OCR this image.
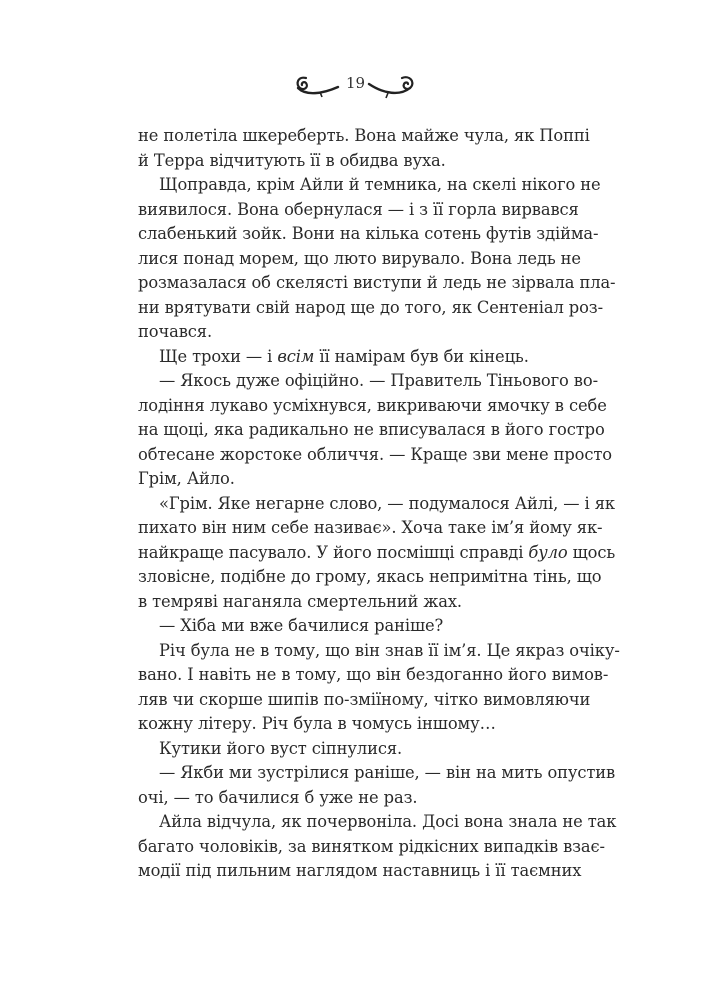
19
не полетіла шкереберть. Вона майже чула, як Поппі
й Терра відчитують її в обидва вуха.
Щоправда, крім Айли й темника, на скелі нікого не
виявилося. Вона обернулася — і з її горла вирвався
слабенький зойк. Вони на кілька сотень футів здійма-
лися понад морем, що люто вирувало. Вона ледь не
розмазалася об скелясті виступи й ледь не зірвала пла-
ни врятувати свій народ ще до того, як Сентеніал роз-
почався.
Ще трохи — і всім її намірам був би кінець.
— Якось дуже офіційно. — Правитель Тіньового во-
лодіння лукаво усміхнувся, викриваючи ямочку в себе
на щоці, яка радикально не вписувалася в його гостро
обтесане жорстоке обличчя. — Краще зви мене просто
Грім, Айло.
«Грім. Яке негарне слово, — подумалося Айлі, — і як
пихато він ним себе називає». Хоча таке ім’я йому як-
найкраще пасувало. У його посмішці справді було щось
зловісне, подібне до грому, якась непримітна тінь, що
в темряві наганяла смертельний жах.
— Хіба ми вже бачилися раніше?
Річ була не в тому, що він знав її ім’я. Це якраз очіку-
вано. І навіть не в тому, що він бездоганно його вимов-
ляв чи скорше шипів по-зміїному, чітко вимовляючи
кожну літеру. Річ була в чомусь іншому…
Кутики його вуст сіпнулися.
— Якби ми зустрілися раніше, — він на мить опустив
очі, — то бачилися б уже не раз.
Айла відчула, як почервоніла. Досі вона знала не так
багато чоловіків, за винятком рідкісних випадків взає-
модії під пильним наглядом наставниць і її таємних
